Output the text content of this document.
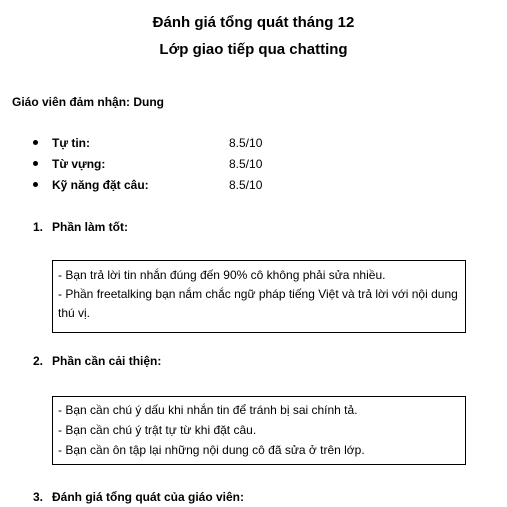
Đánh giá tổng quát tháng 12
Lớp giao tiếp qua chatting
Giáo viên đảm nhận: Dung
Tự tin:	8.5/10
Từ vựng:	8.5/10
Kỹ năng đặt câu:	8.5/10
1. Phần làm tốt:

- Bạn trả lời tin nhắn đúng đến 90% cô không phải sửa nhiều.

- Phần freetalking bạn nắm chắc ngữ pháp tiếng Việt và trả lời với nội dung thú vị.

2. Phần cần cải thiện:

- Bạn cần chú ý dấu khi nhắn tin để tránh bị sai chính tả.

- Bạn cần chú ý trật tự từ khi đặt câu.

- Bạn cần ôn tập lại những nội dung cô đã sửa ở trên lớp.

3. Đánh giá tổng quát của giáo viên:
